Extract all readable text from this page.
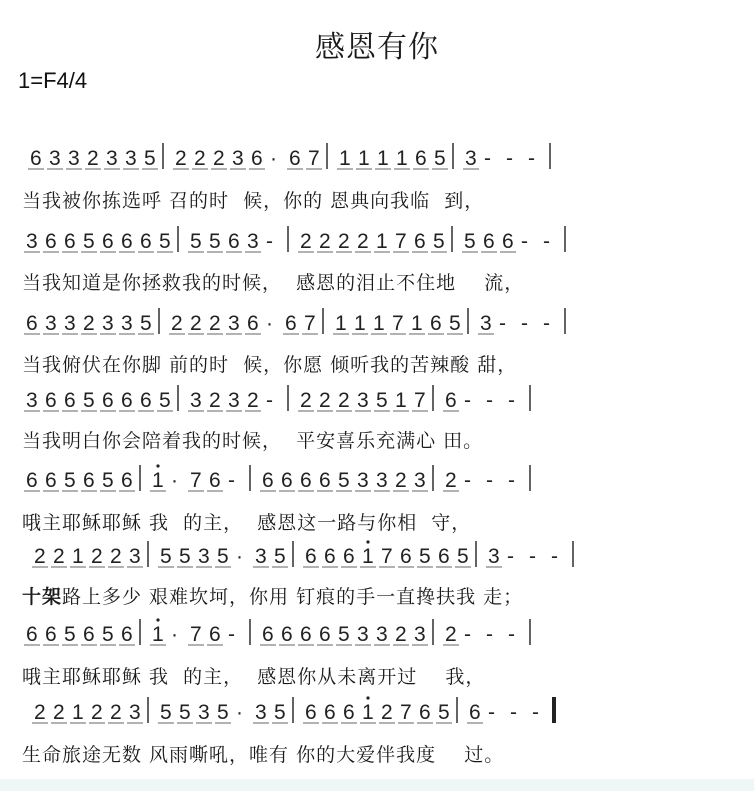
感恩有你
1=F4/4
6 3 3 2 3 3 5 2 2 2 3 6 · 6 7 1 1 1 1 6 5 3 - - -
3 6 6 5 6 6 6 5 5 5 6 3 - 2 2 2 2 1 7 6 5 5 6 6 - -
6 3 3 2 3 3 5 2 2 2 3 6 · 6 7 1 1 1 7 1 6 5 3 - - -
3 6 6 5 6 6 6 5 3 2 3 2 - 2 2 2 3 5 1 7 6 - - -
6 6 5 6 5 6 1 · 7 6 - 6 6 6 6 5 3 3 2 3 2 - - -
2 2 1 2 2 3 5 5 3 5 · 3 5 6 6 6 1 7 6 5 6 5 3 - - -
6 6 5 6 5 6 1 · 7 6 - 6 6 6 6 5 3 3 2 3 2 - - -
2 2 1 2 2 3 5 5 3 5 · 3 5 6 6 6 1 2 7 6 5 6 - - -
当我被你拣选呼 召的时  候，你的 恩典向我临  到，
当我知道是你拯救我的时候，  感恩的泪止不住地    流，
当我俯伏在你脚 前的时  候，你愿 倾听我的苦辣酸 甜，
当我明白你会陪着我的时候，  平安喜乐充满心 田。
哦主耶稣耶稣 我  的主，  感恩这一路与你相  守，
十架路上多少 艰难坎坷，你用 钉痕的手一直搀扶我 走；
哦主耶稣耶稣 我  的主，  感恩你从未离开过    我，
生命旅途无数 风雨嘶吼，唯有 你的大爱伴我度    过。
